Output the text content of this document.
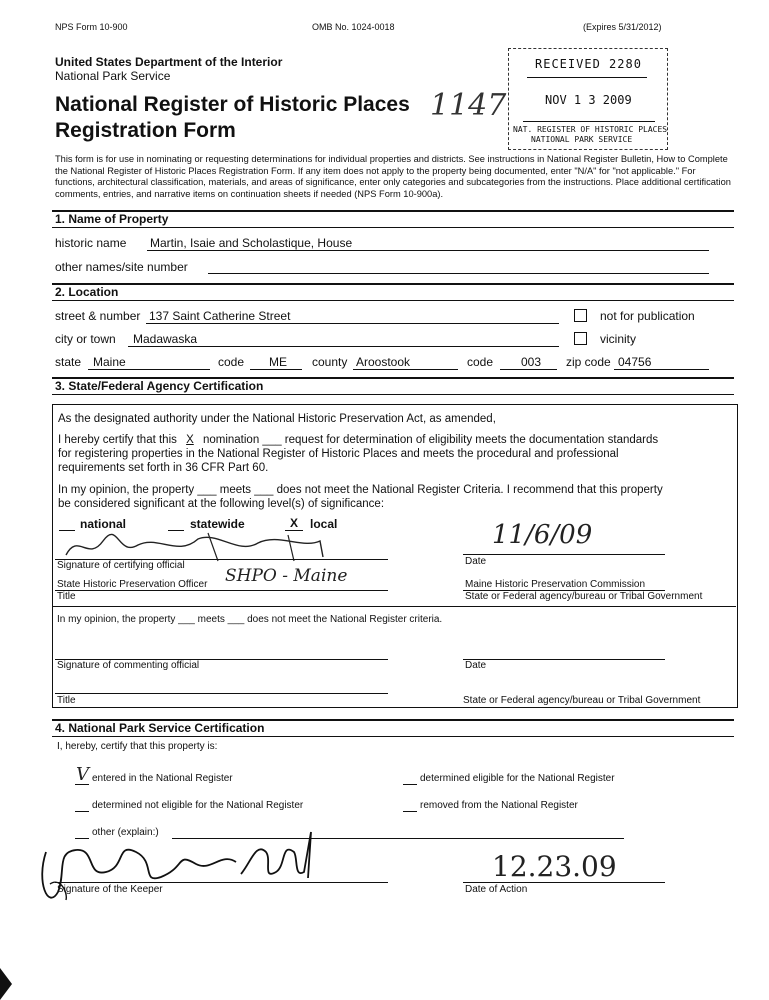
NPS Form 10-900	OMB No. 1024-0018	(Expires 5/31/2012)
United States Department of the Interior
National Park Service
National Register of Historic Places
Registration Form
1147
RECEIVED 2280
NOV 1 3 2009
NAT. REGISTER OF HISTORIC PLACES
NATIONAL PARK SERVICE
This form is for use in nominating or requesting determinations for individual properties and districts. See instructions in National Register Bulletin, How to Complete the National Register of Historic Places Registration Form. If any item does not apply to the property being documented, enter "N/A" for "not applicable." For functions, architectural classification, materials, and areas of significance, enter only categories and subcategories from the instructions. Place additional certification comments, entries, and narrative items on continuation sheets if needed (NPS Form 10-900a).
1. Name of Property
historic name Martin, Isaie and Scholastique, House
other names/site number
2. Location
street & number 137 Saint Catherine Street	not for publication
city or town Madawaska	vicinity
state Maine	code ME county Aroostook	code 003 zip code 04756
3. State/Federal Agency Certification
As the designated authority under the National Historic Preservation Act, as amended,
I hereby certify that this X nomination ___ request for determination of eligibility meets the documentation standards
for registering properties in the National Register of Historic Places and meets the procedural and professional
requirements set forth in 36 CFR Part 60.
In my opinion, the property ___ meets ___ does not meet the National Register Criteria. I recommend that this property
be considered significant at the following level(s) of significance:
national	statewide	X local
Signature of certifying official
11/6/09
Date
State Historic Preservation Officer SHPO - Maine
Title
Maine Historic Preservation Commission
State or Federal agency/bureau or Tribal Government
In my opinion, the property ___ meets ___ does not meet the National Register criteria.
Signature of commenting official	Date
Title	State or Federal agency/bureau or Tribal Government
4. National Park Service Certification
I, hereby, certify that this property is:
V entered in the National Register	determined eligible for the National Register
determined not eligible for the National Register	removed from the National Register
other (explain:)
Signature of the Keeper
12.23.09
Date of Action
